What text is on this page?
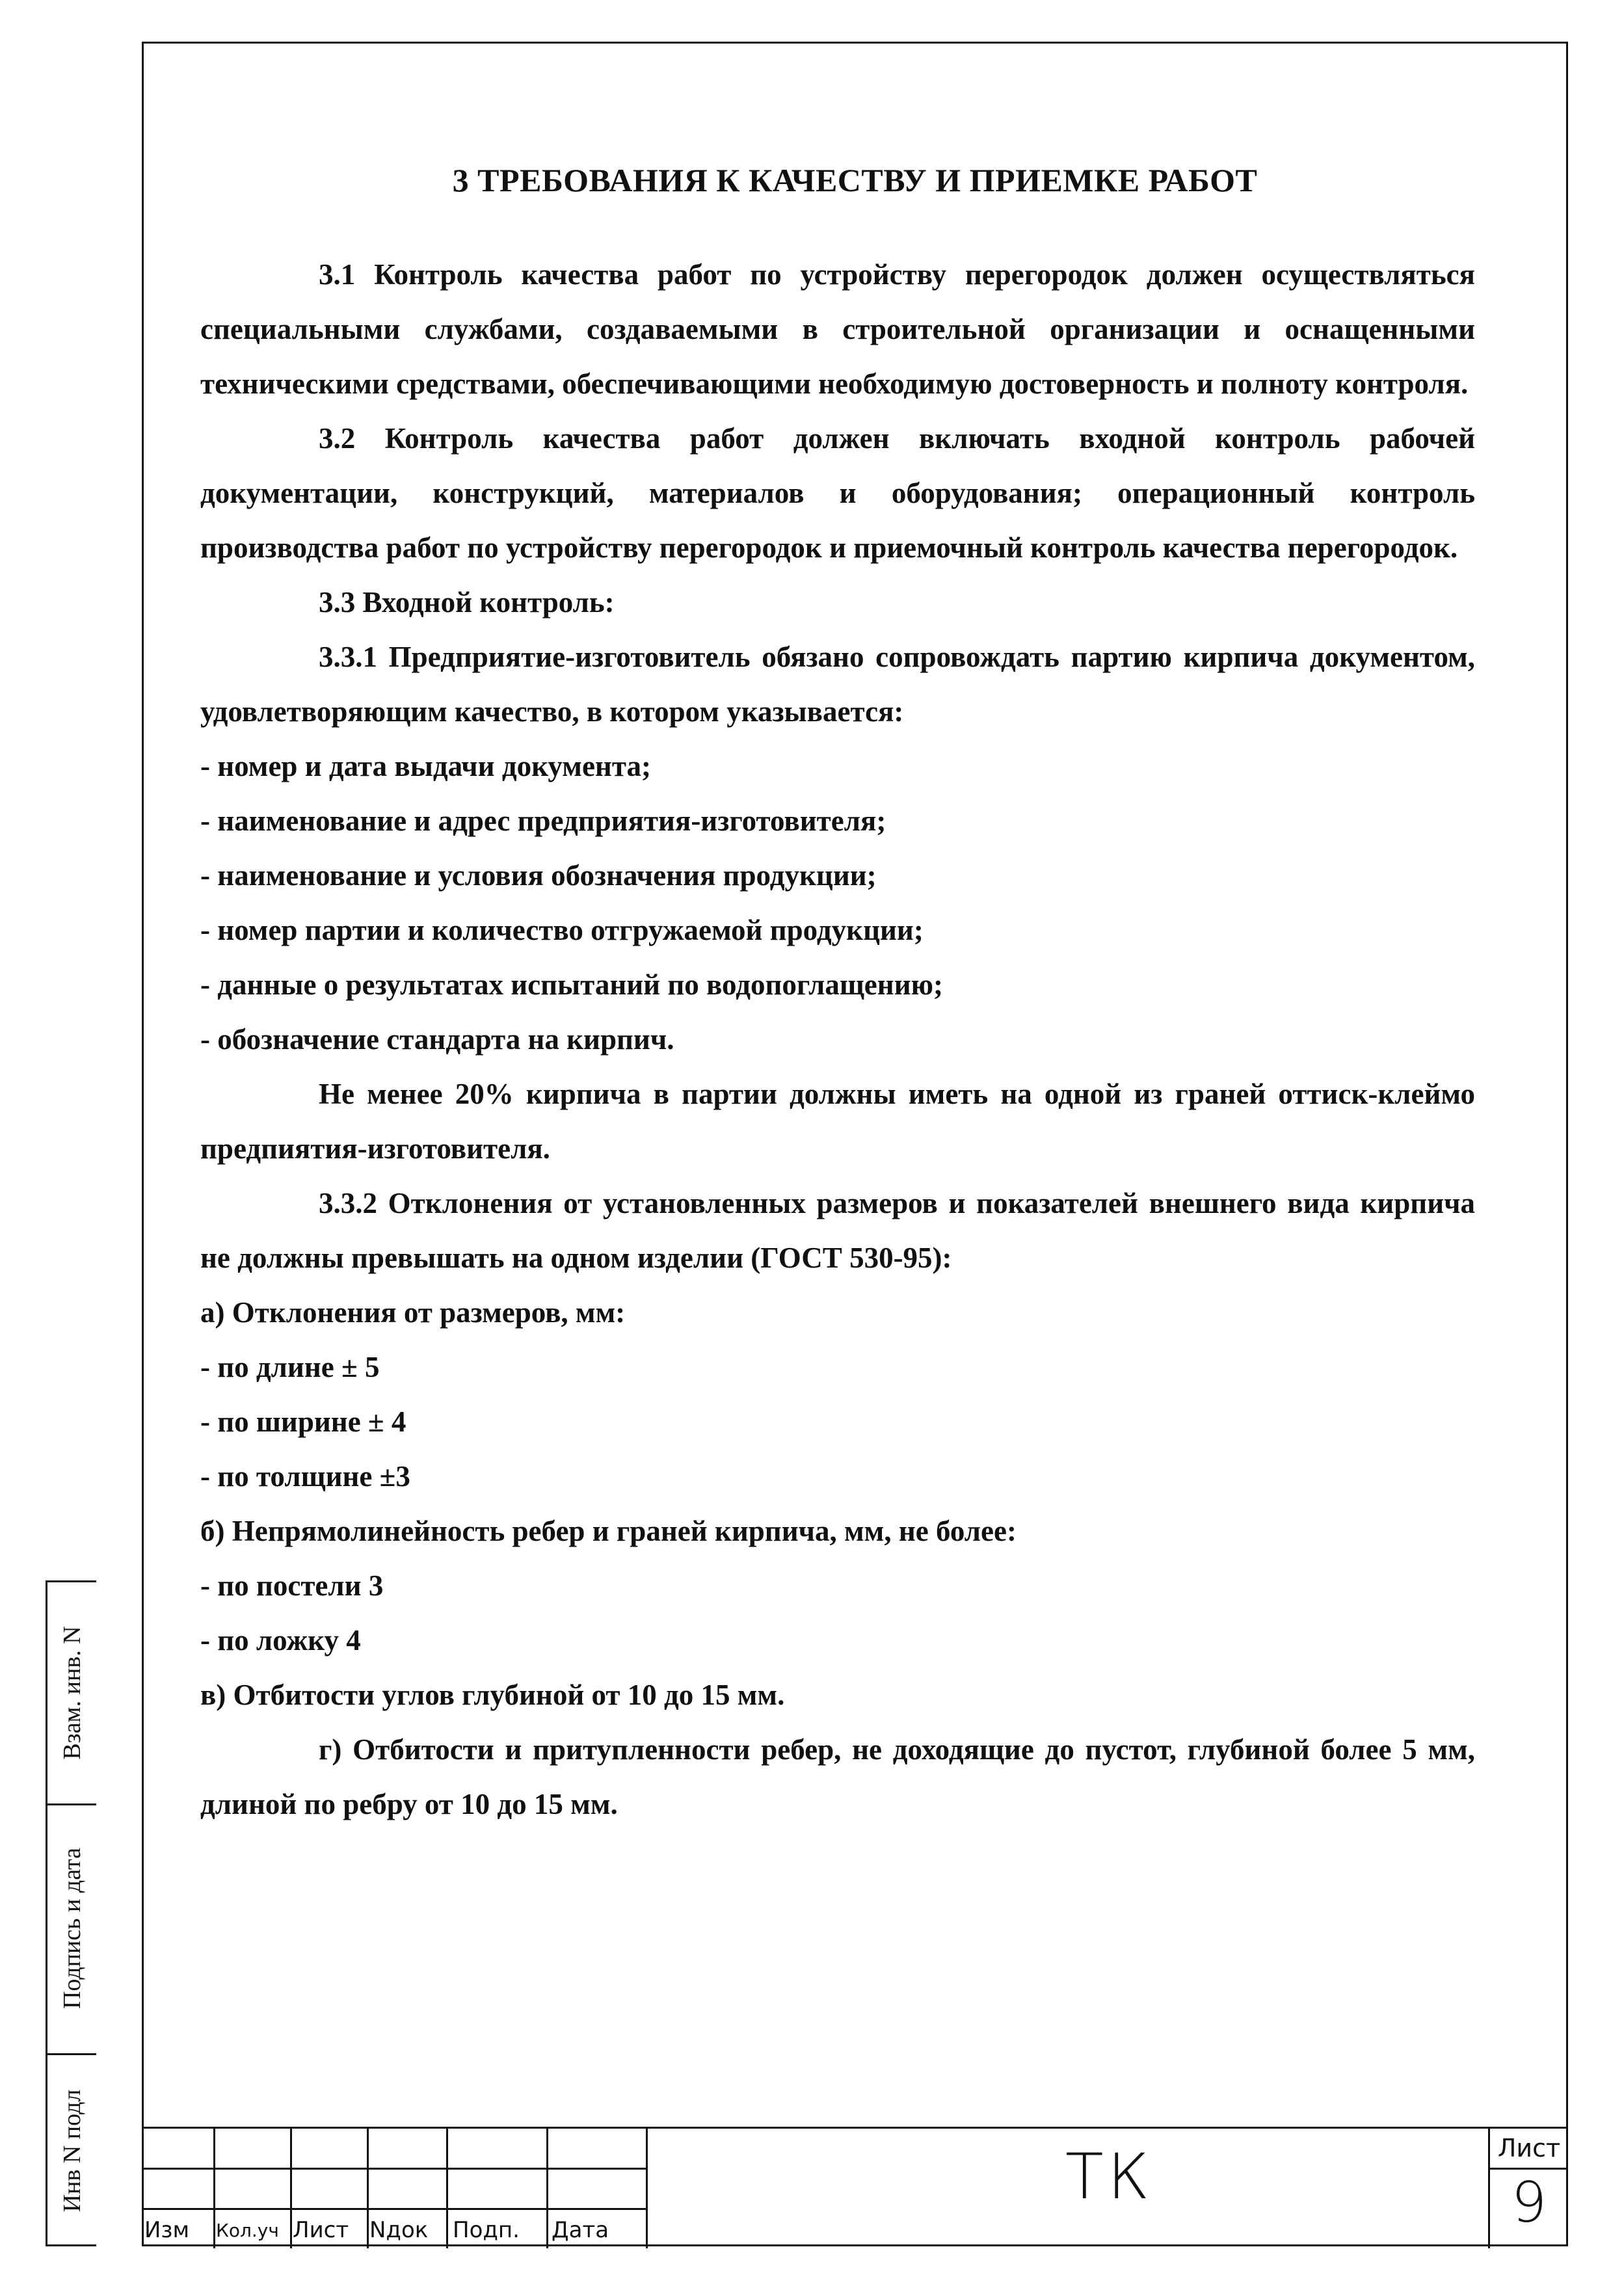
3 ТРЕБОВАНИЯ К КАЧЕСТВУ И ПРИЕМКЕ РАБОТ

3.1 Контроль качества работ по устройству перегородок должен осуществляться специальными службами, создаваемыми в строительной организации и оснащенными техническими средствами, обеспечивающими необходимую достоверность и полноту контроля.

3.2 Контроль качества работ должен включать входной контроль рабочей документации, конструкций, материалов и оборудования; операционный контроль производства работ по устройству перегородок и приемочный контроль качества перегородок.

3.3 Входной контроль:

3.3.1 Предприятие-изготовитель обязано сопровождать партию кирпича документом, удовлетворяющим качество, в котором указывается:

- номер и дата выдачи документа;

- наименование и адрес предприятия-изготовителя;

- наименование и условия обозначения продукции;

- номер партии и количество отгружаемой продукции;

- данные о результатах испытаний по водопоглащению;

- обозначение стандарта на кирпич.

Не менее 20% кирпича в партии должны иметь на одной из граней оттиск-клеймо предпиятия-изготовителя.

3.3.2 Отклонения от установленных размеров и показателей внешнего вида кирпича не должны превышать на одном изделии (ГОСТ 530-95):

а) Отклонения от размеров, мм:

- по длине ± 5

- по ширине ± 4

- по толщине ±3

б) Непрямолинейность ребер и граней кирпича, мм, не более:

- по постели 3

- по ложку 4

в) Отбитости углов глубиной от 10 до 15 мм.

г) Отбитости и притупленности ребер, не доходящие до пустот, глубиной более 5 мм, длиной по ребру от 10 до 15 мм.

Взам. инв. N
Подпись и дата
Инв N подл
Изм Кол.уч Лист Nдок Подп. Дата
ТК	Лист
9
